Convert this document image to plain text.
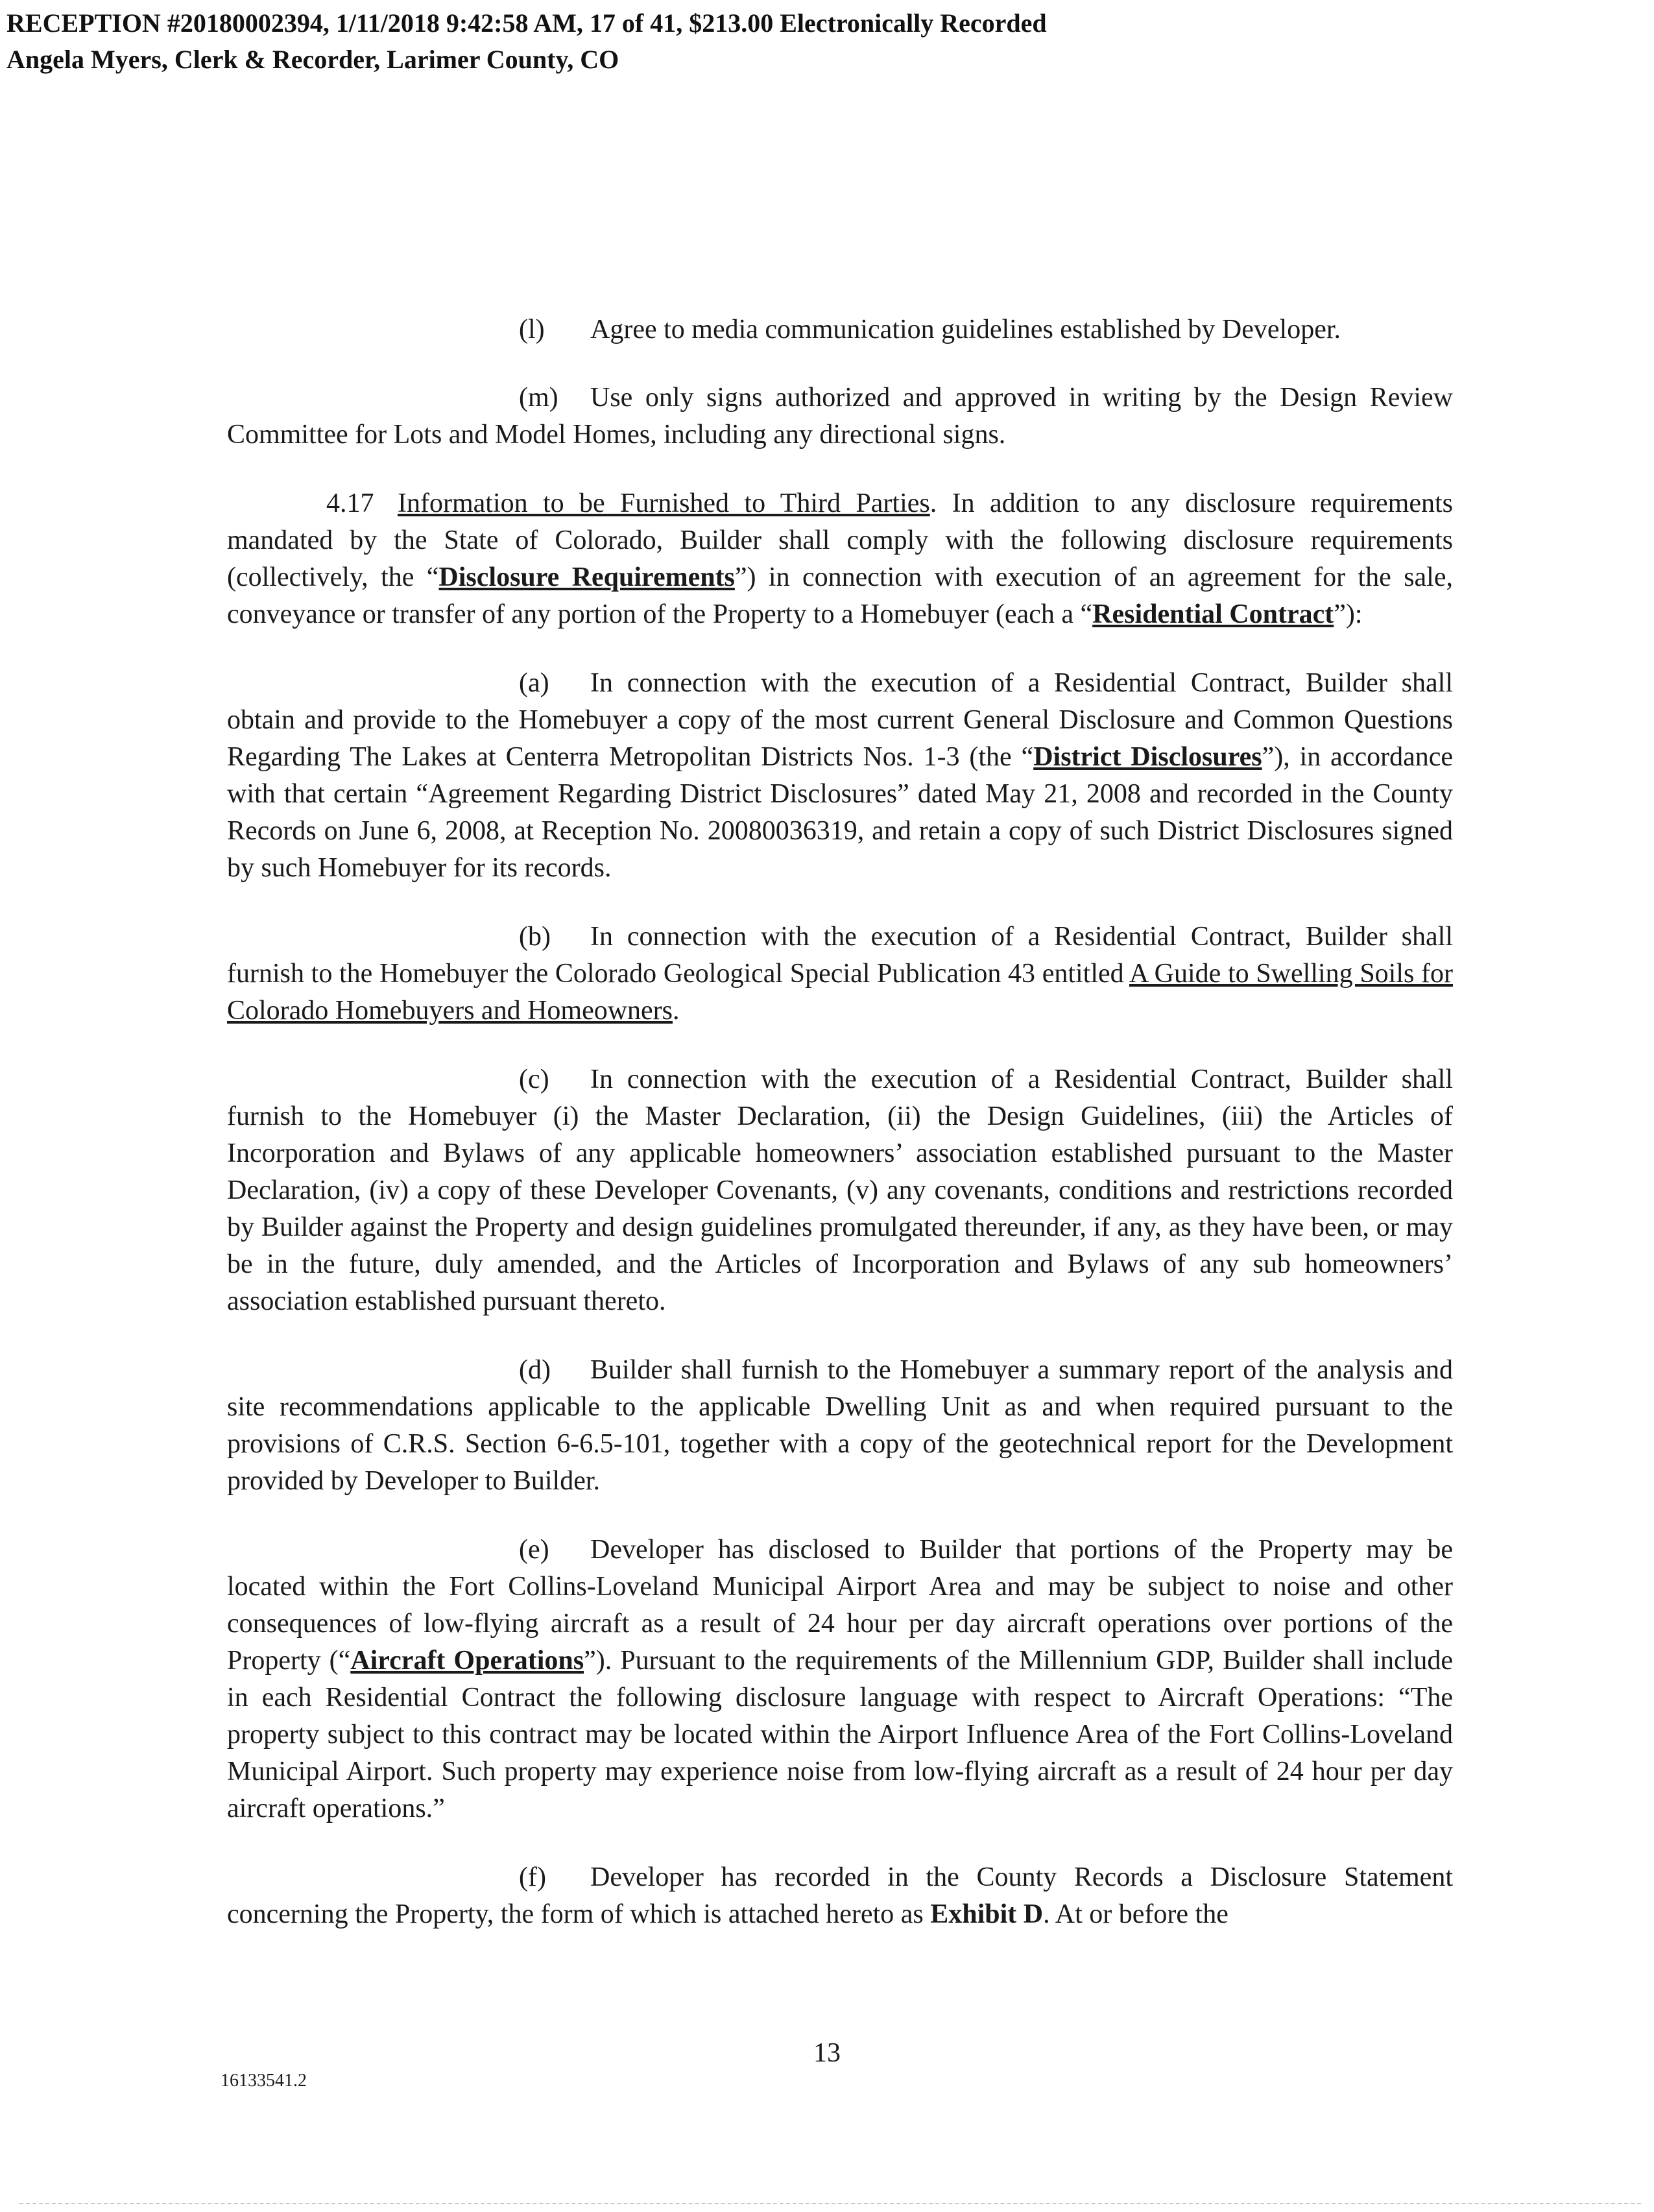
RECEPTION #20180002394, 1/11/2018 9:42:58 AM, 17 of 41, $213.00 Electronically Recorded
Angela Myers, Clerk & Recorder, Larimer County, CO

(l) Agree to media communication guidelines established by Developer.

(m) Use only signs authorized and approved in writing by the Design Review Committee for Lots and Model Homes, including any directional signs.

4.17 Information to be Furnished to Third Parties. In addition to any disclosure requirements mandated by the State of Colorado, Builder shall comply with the following disclosure requirements (collectively, the “Disclosure Requirements”) in connection with execution of an agreement for the sale, conveyance or transfer of any portion of the Property to a Homebuyer (each a “Residential Contract”):

(a) In connection with the execution of a Residential Contract, Builder shall obtain and provide to the Homebuyer a copy of the most current General Disclosure and Common Questions Regarding The Lakes at Centerra Metropolitan Districts Nos. 1-3 (the “District Disclosures”), in accordance with that certain “Agreement Regarding District Disclosures” dated May 21, 2008 and recorded in the County Records on June 6, 2008, at Reception No. 20080036319, and retain a copy of such District Disclosures signed by such Homebuyer for its records.

(b) In connection with the execution of a Residential Contract, Builder shall furnish to the Homebuyer the Colorado Geological Special Publication 43 entitled A Guide to Swelling Soils for Colorado Homebuyers and Homeowners.

(c) In connection with the execution of a Residential Contract, Builder shall furnish to the Homebuyer (i) the Master Declaration, (ii) the Design Guidelines, (iii) the Articles of Incorporation and Bylaws of any applicable homeowners’ association established pursuant to the Master Declaration, (iv) a copy of these Developer Covenants, (v) any covenants, conditions and restrictions recorded by Builder against the Property and design guidelines promulgated thereunder, if any, as they have been, or may be in the future, duly amended, and the Articles of Incorporation and Bylaws of any sub homeowners’ association established pursuant thereto.

(d) Builder shall furnish to the Homebuyer a summary report of the analysis and site recommendations applicable to the applicable Dwelling Unit as and when required pursuant to the provisions of C.R.S. Section 6-6.5-101, together with a copy of the geotechnical report for the Development provided by Developer to Builder.

(e) Developer has disclosed to Builder that portions of the Property may be located within the Fort Collins-Loveland Municipal Airport Area and may be subject to noise and other consequences of low-flying aircraft as a result of 24 hour per day aircraft operations over portions of the Property (“Aircraft Operations”). Pursuant to the requirements of the Millennium GDP, Builder shall include in each Residential Contract the following disclosure language with respect to Aircraft Operations: “The property subject to this contract may be located within the Airport Influence Area of the Fort Collins-Loveland Municipal Airport. Such property may experience noise from low-flying aircraft as a result of 24 hour per day aircraft operations.”

(f) Developer has recorded in the County Records a Disclosure Statement concerning the Property, the form of which is attached hereto as Exhibit D. At or before the

13
16133541.2
